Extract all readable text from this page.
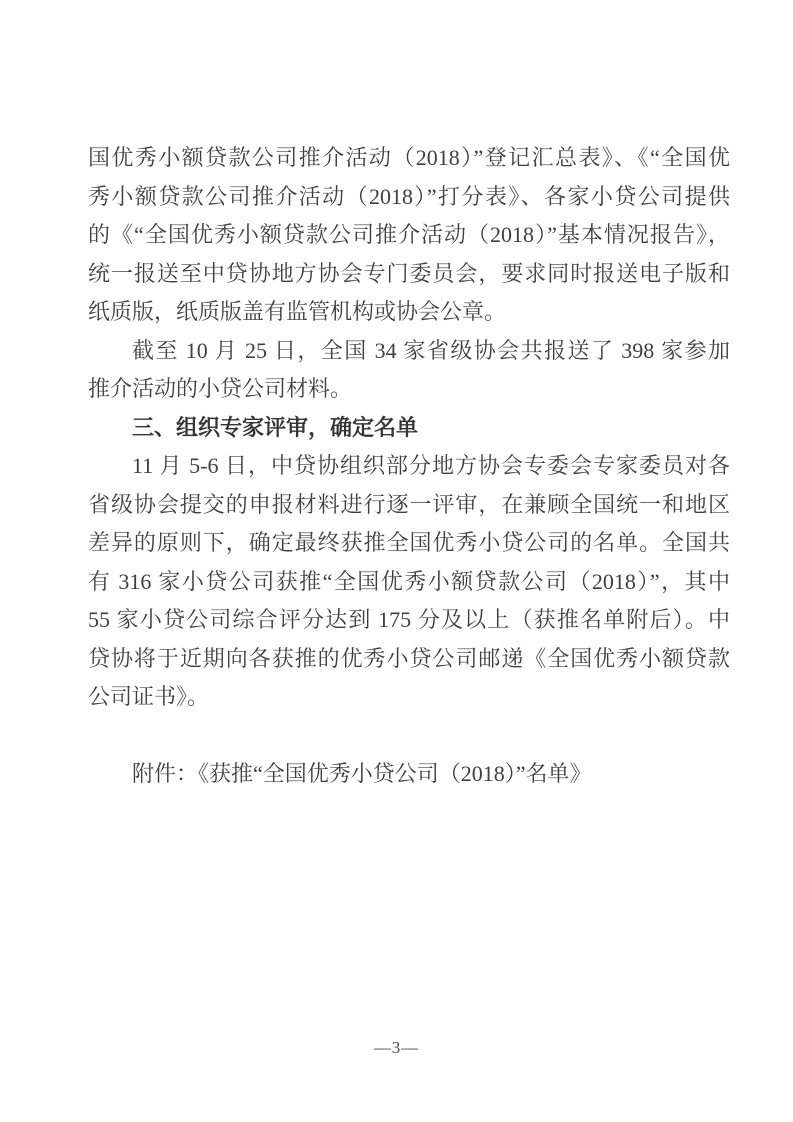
国优秀小额贷款公司推介活动（2018）”登记汇总表》、《“全国优
秀小额贷款公司推介活动（2018）”打分表》、各家小贷公司提供
的《“全国优秀小额贷款公司推介活动（2018）”基本情况报告》，
统一报送至中贷协地方协会专门委员会，要求同时报送电子版和
纸质版，纸质版盖有监管机构或协会公章。
截至 10 月 25 日，全国 34 家省级协会共报送了 398 家参加
推介活动的小贷公司材料。
三、组织专家评审，确定名单
11 月 5-6 日，中贷协组织部分地方协会专委会专家委员对各
省级协会提交的申报材料进行逐一评审，在兼顾全国统一和地区
差异的原则下，确定最终获推全国优秀小贷公司的名单。全国共
有 316 家小贷公司获推“全国优秀小额贷款公司（2018）”，其中
55 家小贷公司综合评分达到 175 分及以上（获推名单附后）。中
贷协将于近期向各获推的优秀小贷公司邮递《全国优秀小额贷款
公司证书》。
附件：《获推“全国优秀小贷公司（2018）”名单》
—3—
